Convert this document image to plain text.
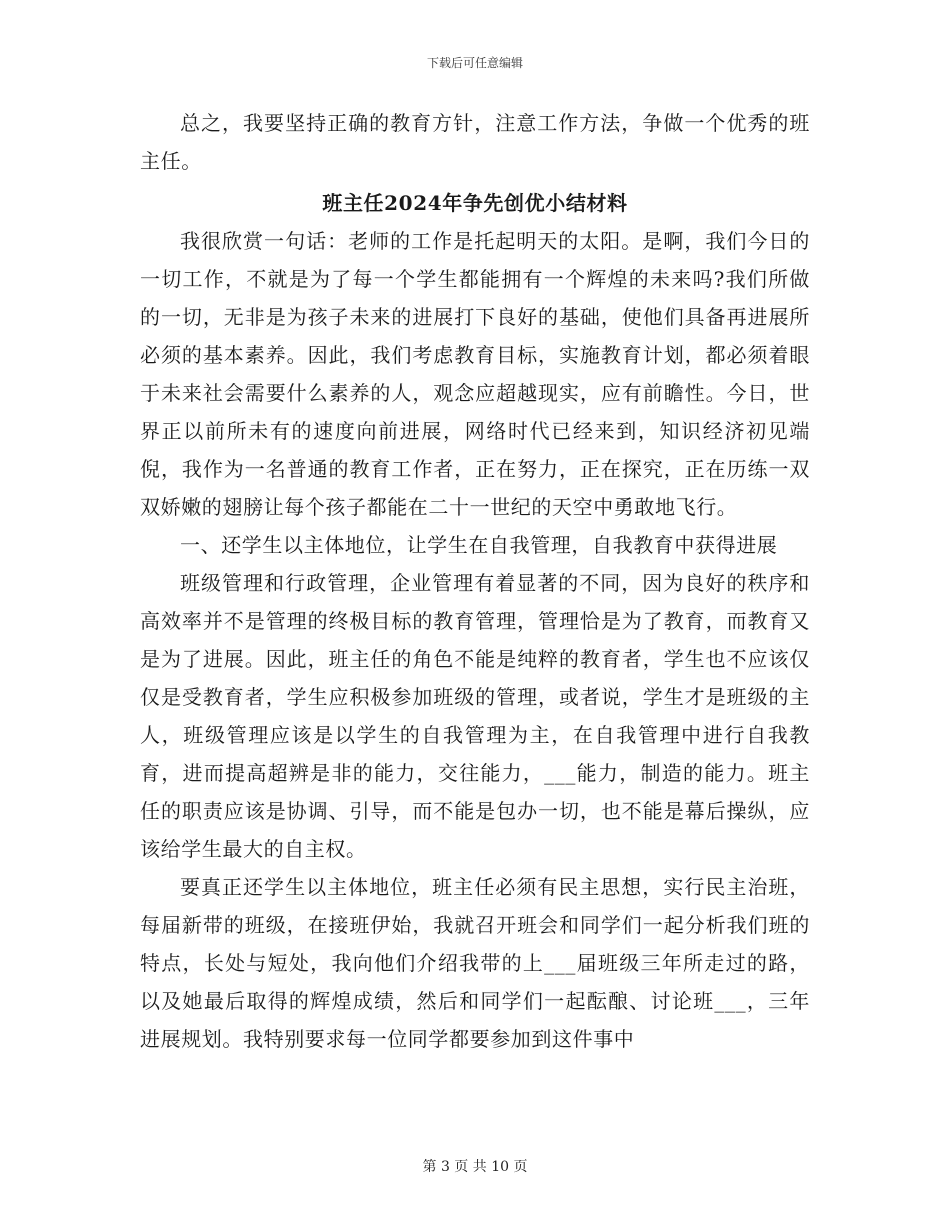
下载后可任意编辑

总之，我要坚持正确的教育方针，注意工作方法，争做一个优秀的班主任。

班主任2024年争先创优小结材料

我很欣赏一句话：老师的工作是托起明天的太阳。是啊，我们今日的一切工作，不就是为了每一个学生都能拥有一个辉煌的未来吗?我们所做的一切，无非是为孩子未来的进展打下良好的基础，使他们具备再进展所必须的基本素养。因此，我们考虑教育目标，实施教育计划，都必须着眼于未来社会需要什么素养的人，观念应超越现实，应有前瞻性。今日，世界正以前所未有的速度向前进展，网络时代已经来到，知识经济初见端倪，我作为一名普通的教育工作者，正在努力，正在探究，正在历练一双双娇嫩的翅膀让每个孩子都能在二十一世纪的天空中勇敢地飞行。

一、还学生以主体地位，让学生在自我管理，自我教育中获得进展

班级管理和行政管理，企业管理有着显著的不同，因为良好的秩序和高效率并不是管理的终极目标的教育管理，管理恰是为了教育，而教育又是为了进展。因此，班主任的角色不能是纯粹的教育者，学生也不应该仅仅是受教育者，学生应积极参加班级的管理，或者说，学生才是班级的主人，班级管理应该是以学生的自我管理为主，在自我管理中进行自我教育，进而提高超辨是非的能力，交往能力，___能力，制造的能力。班主任的职责应该是协调、引导，而不能是包办一切，也不能是幕后操纵，应该给学生最大的自主权。

要真正还学生以主体地位，班主任必须有民主思想，实行民主治班，每届新带的班级，在接班伊始，我就召开班会和同学们一起分析我们班的特点，长处与短处，我向他们介绍我带的上___届班级三年所走过的路，以及她最后取得的辉煌成绩，然后和同学们一起酝酿、讨论班___，三年进展规划。我特别要求每一位同学都要参加到这件事中

第 3 页 共 10 页
